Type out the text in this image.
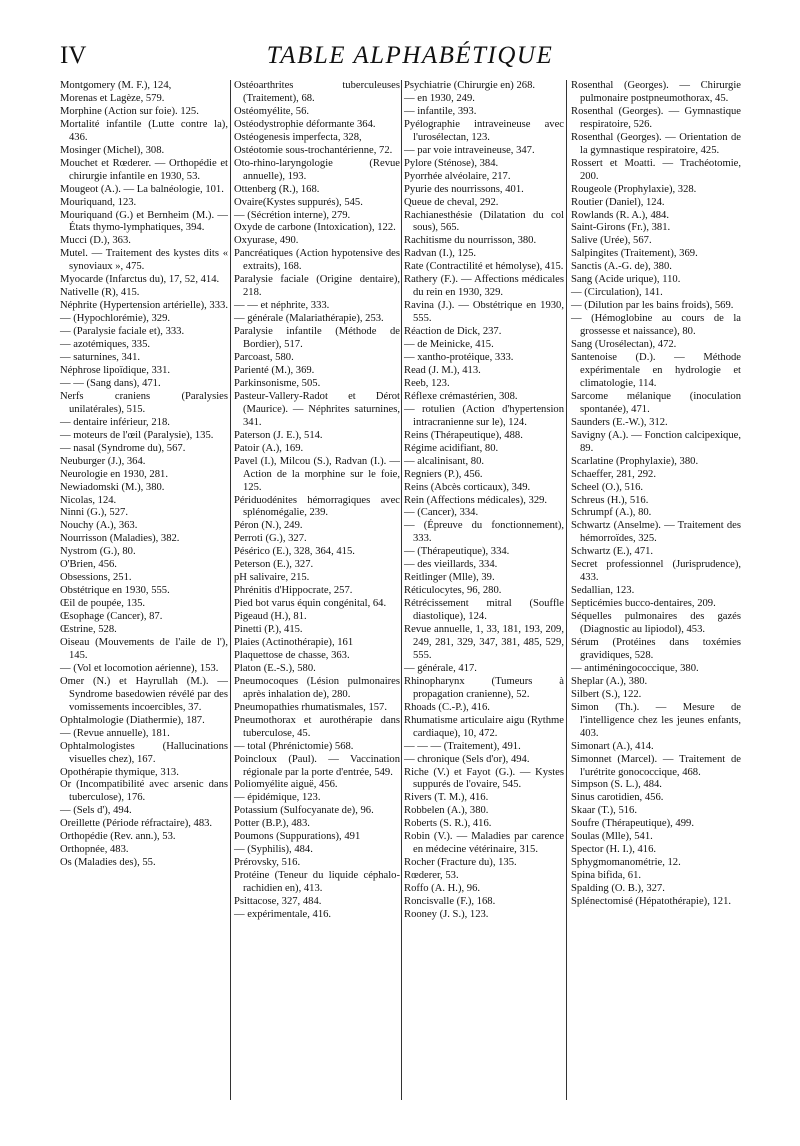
IV	TABLE ALPHABÉTIQUE
Montgomery (M. F.), 124,
Morenas et Lagèze, 579.
Morphine (Action sur foie). 125.
Mortalité infantile (Lutte contre la), 436.
Mosinger (Michel), 308.
Mouchet et Rœderer. — Orthopédie et chirurgie infantile en 1930, 53.
Mougeot (A.). — La balnéologie, 101.
Mouriquand, 123.
Mouriquand (G.) et Bernheim (M.). — États thymo-lymphatiques, 394.
Mucci (D.), 363.
Mutel. — Traitement des kystes dits « synoviaux », 475.
Myocarde (Infarctus du), 17, 52, 414.
Nativelle (R), 415.
Néphrite (Hypertension artérielle), 333.
— (Hypochlorémie), 329.
— (Paralysie faciale et), 333.
— azotémiques, 335.
— saturnines, 341.
Néphrose lipoïdique, 331.
— — (Sang dans), 471.
Nerfs craniens (Paralysies unilatérales), 515.
— dentaire inférieur, 218.
— moteurs de l'œil (Paralysie), 135.
— nasal (Syndrome du), 567.
Neuburger (J.), 364.
Neurologie en 1930, 281.
Newiadomski (M.), 380.
Nicolas, 124.
Ninni (G.), 527.
Nouchy (A.), 363.
Nourrisson (Maladies), 382.
Nystrom (G.), 80.
O'Brien, 456.
Obsessions, 251.
Obstétrique en 1930, 555.
Œil de poupée, 135.
Œsophage (Cancer), 87.
Œstrine, 528.
Oiseau (Mouvements de l'aile de l'), 145.
— (Vol et locomotion aérienne), 153.
Omer (N.) et Hayrullah (M.). — Syndrome basedowien révélé par des vomissements incoercibles, 37.
Ophtalmologie (Diathermie), 187.
— (Revue annuelle), 181.
Ophtalmologistes (Hallucinations visuelles chez), 167.
Opothérapie thymique, 313.
Or (Incompatibilité avec arsenic dans tuberculose), 176.
— (Sels d'), 494.
Oreillette (Période réfractaire), 483.
Orthopédie (Rev. ann.), 53.
Orthopnée, 483.
Os (Maladies des), 55.
Ostéoarthrites tuberculeuses (Traitement), 68.
Ostéomyélite, 56.
Ostéodystrophie déformante 364.
Ostéogenesis imperfecta, 328,
Ostéotomie sous-trochantérienne, 72.
Oto-rhino-laryngologie (Revue annuelle), 193.
Ottenberg (R.), 168.
Ovaire(Kystes suppurés), 545.
— (Sécrétion interne), 279.
Oxyde de carbone (Intoxication), 122.
Oxyurase, 490.
Pancréatiques (Action hypotensive des extraits), 168.
Paralysie faciale (Origine dentaire), 218.
— — et néphrite, 333.
— générale (Malariathérapie), 253.
Paralysie infantile (Méthode de Bordier), 517.
Parcoast, 580.
Parienté (M.), 369.
Parkinsonisme, 505.
Pasteur-Vallery-Radot et Dérot (Maurice). — Néphrites saturnines, 341.
Paterson (J. E.), 514.
Patoir (A.), 169.
Pavel (I.), Milcou (S.), Radvan (I.). — Action de la morphine sur le foie, 125.
Périduodénites hémorragiques avec splénomégalie, 239.
Péron (N.), 249.
Perroti (G.), 327.
Pésérico (E.), 328, 364, 415.
Peterson (E.), 327.
pH salivaire, 215.
Phrénitis d'Hippocrate, 257.
Pied bot varus équin congénital, 64.
Pigeaud (H.), 81.
Pinetti (P.), 415.
Plaies (Actinothérapie), 161
Plaquettose de chasse, 363.
Platon (E.-S.), 580.
Pneumocoques (Lésion pulmonaires après inhalation de), 280.
Pneumopathies rhumatismales, 157.
Pneumothorax et aurothérapie dans tuberculose, 45.
— total (Phrénictomie) 568.
Poincloux (Paul). — Vaccination régionale par la porte d'entrée, 549.
Poliomyélite aiguë, 456.
— épidémique, 123.
Potassium (Sulfocyanate de), 96.
Potter (B.P.), 483.
Poumons (Suppurations), 491
— (Syphilis), 484.
Prérovsky, 516.
Protéine (Teneur du liquide céphalo-rachidien en), 413.
Psittacose, 327, 484.
— expérimentale, 416.
Psychiatrie (Chirurgie en) 268.
— en 1930, 249.
— infantile, 393.
Pyélographie intraveineuse avec l'urosélectan, 123.
— par voie intraveineuse, 347.
Pylore (Sténose), 384.
Pyorrhée alvéolaire, 217.
Pyurie des nourrissons, 401.
Queue de cheval, 292.
Rachianesthésie (Dilatation du col sous), 565.
Rachitisme du nourrisson, 380.
Radvan (I.), 125.
Rate (Contractilité et hémolyse), 415.
Rathery (F.). — Affections médicales du rein en 1930, 329.
Ravina (J.). — Obstétrique en 1930, 555.
Réaction de Dick, 237.
— de Meinicke, 415.
— xantho-protéique, 333.
Read (J. M.), 413.
Reeb, 123.
Réflexe crémastérien, 308.
— rotulien (Action d'hypertension intracranienne sur le), 124.
Reins (Thérapeutique), 488.
Régime acidifiant, 80.
— alcalinisant, 80.
Regniers (P.), 456.
Reins (Abcès corticaux), 349.
Rein (Affections médicales), 329.
— (Cancer), 334.
— (Épreuve du fonctionnement), 333.
— (Thérapeutique), 334.
— des vieillards, 334.
Reitlinger (Mlle), 39.
Réticulocytes, 96, 280.
Rétrécissement mitral (Souffle diastolique), 124.
Revue annuelle, 1, 33, 181, 193, 209, 249, 281, 329, 347, 381, 485, 529, 555.
— générale, 417.
Rhinopharynx (Tumeurs à propagation cranienne), 52.
Rhoads (C.-P.), 416.
Rhumatisme articulaire aigu (Rythme cardiaque), 10, 472.
— — — (Traitement), 491.
— chronique (Sels d'or), 494.
Riche (V.) et Fayot (G.). — Kystes suppurés de l'ovaire, 545.
Rivers (T. M.), 416.
Robbelen (A.), 380.
Roberts (S. R.), 416.
Robin (V.). — Maladies par carence en médecine vétérinaire, 315.
Rocher (Fracture du), 135.
Rœderer, 53.
Roffo (A. H.), 96.
Roncisvalle (F.), 168.
Rooney (J. S.), 123.
Rosenthal (Georges). — Chirurgie pulmonaire postpneumothorax, 45.
Rosenthal (Georges). — Gymnastique respiratoire, 526.
Rosenthal (Georges). — Orientation de la gymnastique respiratoire, 425.
Rossert et Moatti. — Trachéotomie, 200.
Rougeole (Prophylaxie), 328.
Routier (Daniel), 124.
Rowlands (R. A.), 484.
Saint-Girons (Fr.), 381.
Salive (Urée), 567.
Salpingites (Traitement), 369.
Sanctis (A.-G. de), 380.
Sang (Acide urique), 110.
— (Circulation), 141.
— (Dilution par les bains froids), 569.
— (Hémoglobine au cours de la grossesse et naissance), 80.
Sang (Urosélectan), 472.
Santenoise (D.). — Méthode expérimentale en hydrologie et climatologie, 114.
Sarcome mélanique (inoculation spontanée), 471.
Saunders (E.-W.), 312.
Savigny (A.). — Fonction calcipexique, 89.
Scarlatine (Prophylaxie), 380.
Schaeffer, 281, 292.
Scheel (O.), 516.
Schreus (H.), 516.
Schrumpf (A.), 80.
Schwartz (Anselme). — Traitement des hémorroïdes, 325.
Schwartz (E.), 471.
Secret professionnel (Jurisprudence), 433.
Sedallian, 123.
Septicémies bucco-dentaires, 209.
Séquelles pulmonaires des gazés (Diagnostic au lipiodol), 453.
Sérum (Protéines dans toxémies gravidiques, 528.
— antiméningococcique, 380.
Sheplar (A.), 380.
Silbert (S.), 122.
Simon (Th.). — Mesure de l'intelligence chez les jeunes enfants, 403.
Simonart (A.), 414.
Simonnet (Marcel). — Traitement de l'urétrite gonococcique, 468.
Simpson (S. L.), 484.
Sinus carotidien, 456.
Skaar (T.), 516.
Soufre (Thérapeutique), 499.
Soulas (Mlle), 541.
Spector (H. I.), 416.
Sphygmomanométrie, 12.
Spina bifida, 61.
Spalding (O. B.), 327.
Splénectomisé (Hépatothérapie), 121.
